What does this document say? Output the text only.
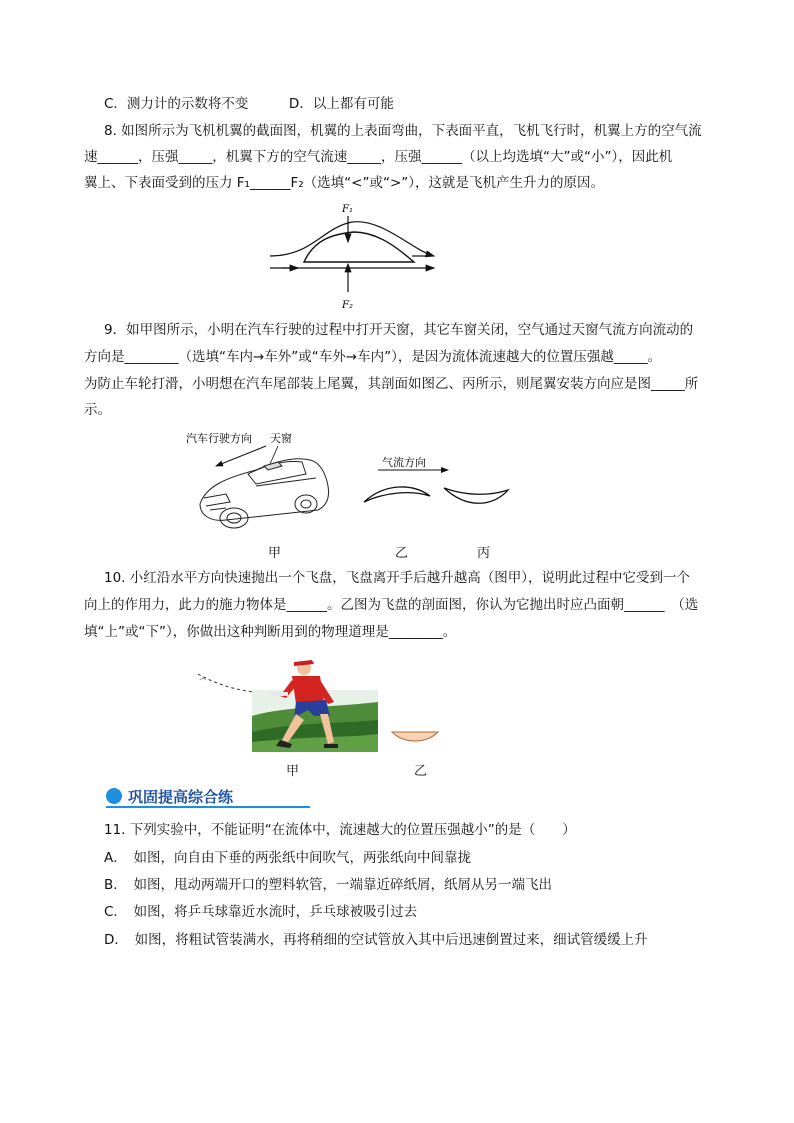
C．测力计的示数将不变　　　D．以上都有可能
8. 如图所示为飞机机翼的截面图，机翼的上表面弯曲，下表面平直，飞机飞行时，机翼上方的空气流
速______，压强_____，机翼下方的空气流速_____，压强______（以上均选填“大”或“小”），因此机
翼上、下表面受到的压力 F₁______F₂（选填“<”或“>”），这就是飞机产生升力的原因。
F₁
F₂
9．如甲图所示，小明在汽车行驶的过程中打开天窗，其它车窗关闭，空气通过天窗气流方向流动的
方向是________（选填“车内→车外”或“车外→车内”），是因为流体流速越大的位置压强越_____。
为防止车轮打滑，小明想在汽车尾部装上尾翼，其剖面如图乙、丙所示，则尾翼安装方向应是图_____所
示。
汽车行驶方向 天窗
气流方向
甲	乙	丙
10. 小红沿水平方向快速抛出一个飞盘，飞盘离开手后越升越高（图甲），说明此过程中它受到一个
向上的作用力，此力的施力物体是______。乙图为飞盘的剖面图，你认为它抛出时应凸面朝______　（选
填“上”或“下”），你做出这种判断用到的物理道理是________。
甲	乙
巩固提高综合练
11. 下列实验中，不能证明“在流体中，流速越大的位置压强越小”的是（　　）
A．　如图，向自由下垂的两张纸中间吹气，两张纸向中间靠拢
B．　如图，甩动两端开口的塑料软管，一端靠近碎纸屑，纸屑从另一端飞出
C．　如图，将乒乓球靠近水流时，乒乓球被吸引过去
D．　如图，将粗试管装满水，再将稍细的空试管放入其中后迅速倒置过来，细试管缓缓上升
